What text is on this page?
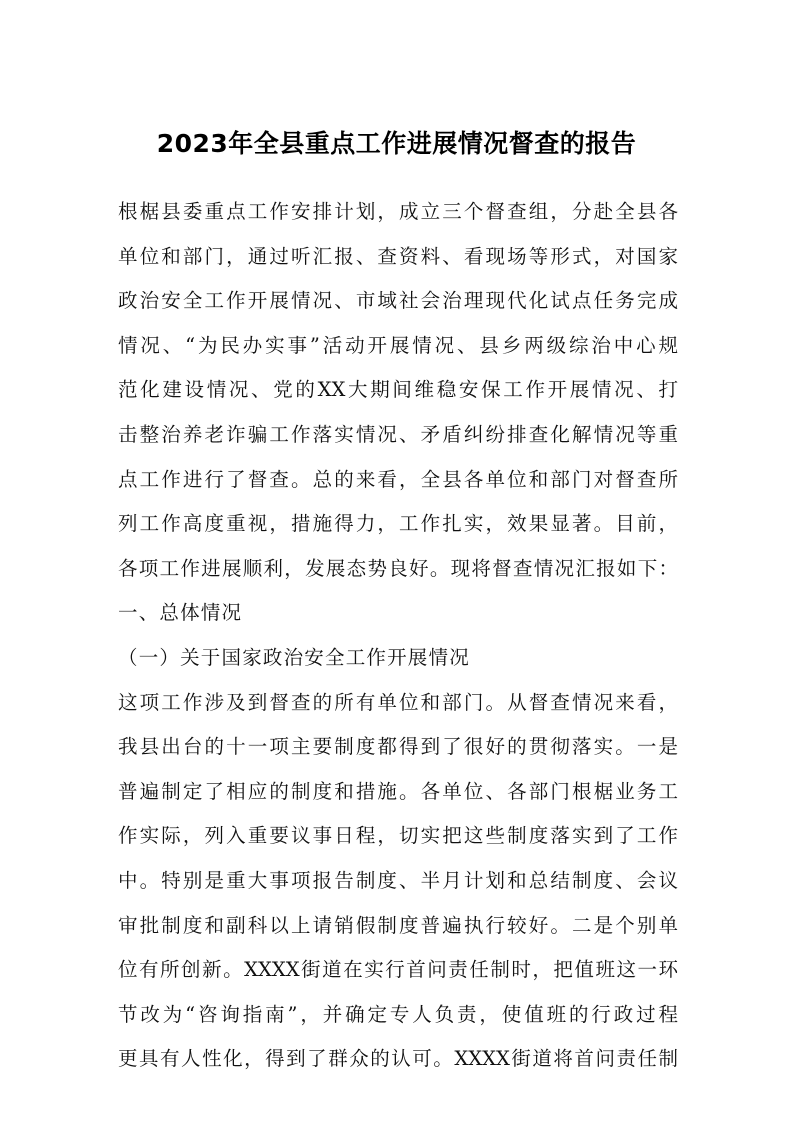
2023年全县重点工作进展情况督查的报告
根椐县委重点工作安排计划，成立三个督查组，分赴全县各
单位和部门，通过听汇报、查资料、看现场等形式，对国家
政治安全工作开展情况、市域社会治理现代化试点任务完成
情况、“为民办实事”活动开展情况、县乡两级综治中心规
范化建设情况、党的XX大期间维稳安保工作开展情况、打
击整治养老诈骗工作落实情况、矛盾纠纷排查化解情况等重
点工作进行了督查。总的来看，全县各单位和部门对督查所
列工作高度重视，措施得力，工作扎实，效果显著。目前，
各项工作进展顺利，发展态势良好。现将督查情况汇报如下：
一、总体情况
（一）关于国家政治安全工作开展情况
这项工作涉及到督查的所有单位和部门。从督查情况来看，
我县出台的十一项主要制度都得到了很好的贯彻落实。一是
普遍制定了相应的制度和措施。各单位、各部门根椐业务工
作实际，列入重要议事日程，切实把这些制度落实到了工作
中。特别是重大事项报告制度、半月计划和总结制度、会议
审批制度和副科以上请销假制度普遍执行较好。二是个别单
位有所创新。XXXX街道在实行首问责任制时，把值班这一环
节改为“咨询指南”，并确定专人负责，使值班的行政过程
更具有人性化，得到了群众的认可。XXXX街道将首问责任制
